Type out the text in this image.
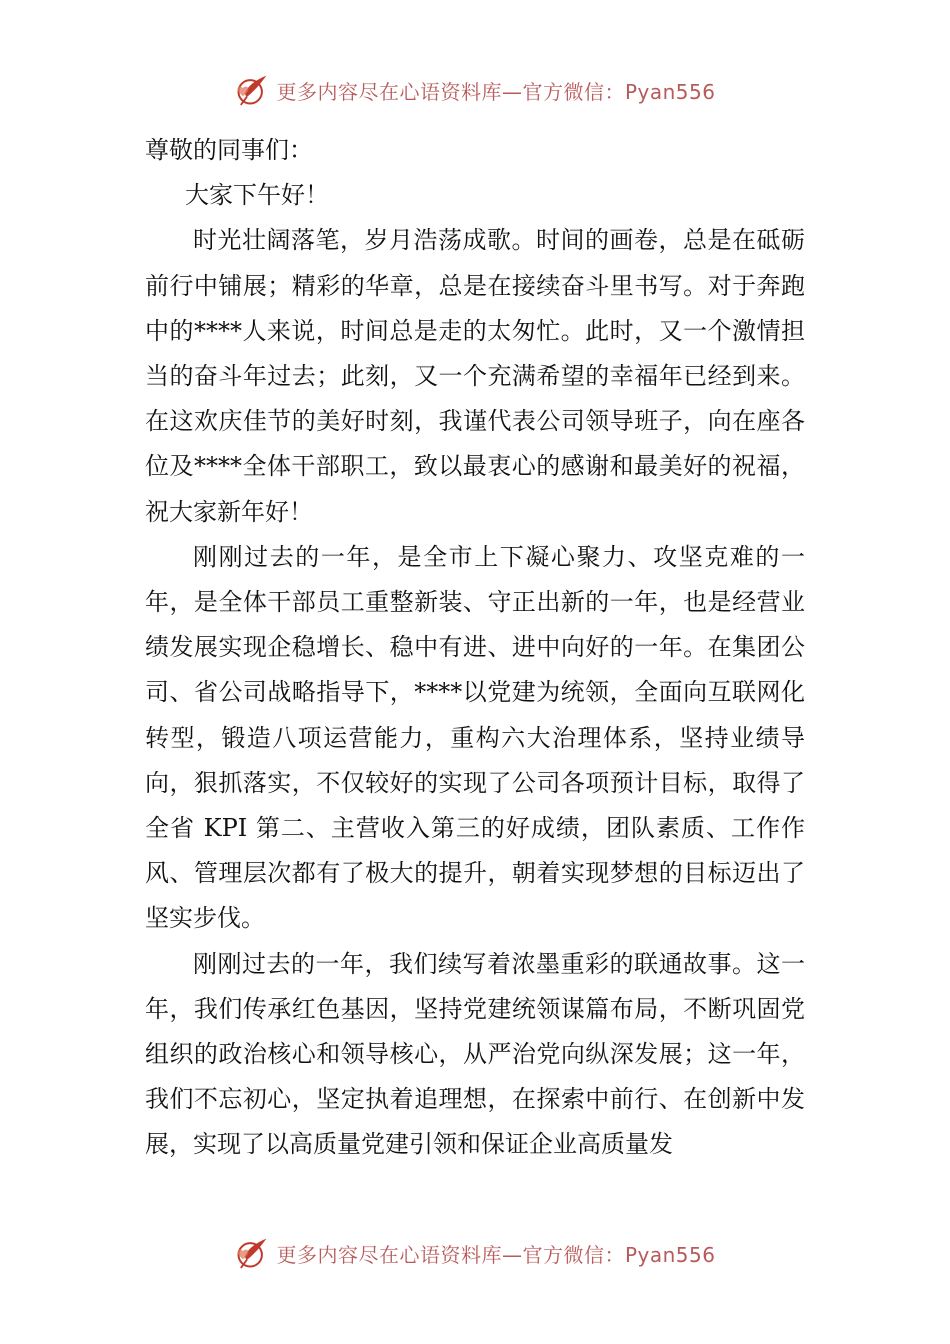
更多内容尽在心语资料库—官方微信：Pyan556

尊敬的同事们：

大家下午好！

时光壮阔落笔，岁月浩荡成歌。时间的画卷，总是在砥砺前行中铺展；精彩的华章，总是在接续奋斗里书写。对于奔跑中的****人来说，时间总是走的太匆忙。此时，又一个激情担当的奋斗年过去；此刻，又一个充满希望的幸福年已经到来。在这欢庆佳节的美好时刻，我谨代表公司领导班子，向在座各位及****全体干部职工，致以最衷心的感谢和最美好的祝福，祝大家新年好！

刚刚过去的一年，是全市上下凝心聚力、攻坚克难的一年，是全体干部员工重整新装、守正出新的一年，也是经营业绩发展实现企稳增长、稳中有进、进中向好的一年。在集团公司、省公司战略指导下，****以党建为统领，全面向互联网化转型，锻造八项运营能力，重构六大治理体系，坚持业绩导向，狠抓落实，不仅较好的实现了公司各项预计目标，取得了全省 KPI 第二、主营收入第三的好成绩，团队素质、工作作风、管理层次都有了极大的提升，朝着实现梦想的目标迈出了坚实步伐。

刚刚过去的一年，我们续写着浓墨重彩的联通故事。这一年，我们传承红色基因，坚持党建统领谋篇布局，不断巩固党组织的政治核心和领导核心，从严治党向纵深发展；这一年，我们不忘初心，坚定执着追理想，在探索中前行、在创新中发展，实现了以高质量党建引领和保证企业高质量发

更多内容尽在心语资料库—官方微信：Pyan556
